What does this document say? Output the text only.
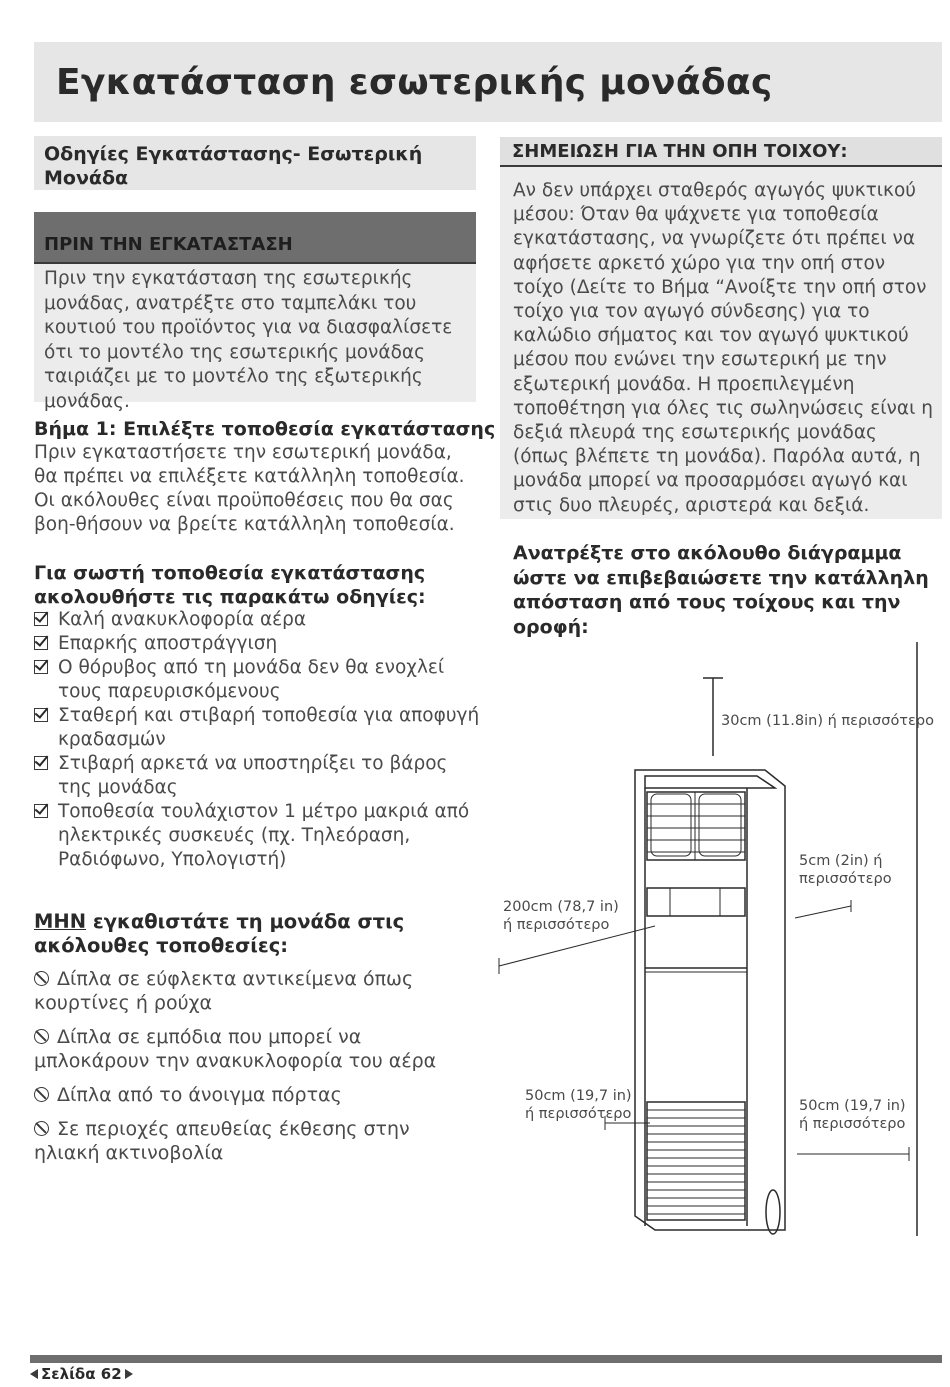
Εγκατάσταση εσωτερικής μονάδας
Οδηγίες Εγκατάστασης- Εσωτερική Μονάδα
ΠΡΙΝ ΤΗΝ ΕΓΚΑΤΑΣΤΑΣΗ
Πριν την εγκατάσταση της εσωτερικής μονάδας, ανατρέξτε στο ταμπελάκι του κουτιού του προϊόντος για να διασφαλίσετε ότι το μοντέλο της εσωτερικής μονάδας ταιριάζει με το μοντέλο της εξωτερικής μονάδας.
Βήμα 1: Επιλέξτε τοποθεσία εγκατάστασης
Πριν εγκαταστήσετε την εσωτερική μονάδα, θα πρέπει να επιλέξετε κατάλληλη τοποθεσία. Οι ακόλουθες είναι προϋποθέσεις που θα σας βοη-θήσουν να βρείτε κατάλληλη τοποθεσία.
Για σωστή τοποθεσία εγκατάστασης ακολουθήστε τις παρακάτω οδηγίες:

Καλή ανακυκλοφορία αέρα

Επαρκής αποστράγγιση

Ο θόρυβος από τη μονάδα δεν θα ενοχλεί τους παρευρισκόμενους

Σταθερή και στιβαρή τοποθεσία για αποφυγή κραδασμών

Στιβαρή αρκετά να υποστηρίξει το βάρος της μονάδας

Τοποθεσία τουλάχιστον 1 μέτρο μακριά από ηλεκτρικές συσκευές (πχ. Τηλεόραση, Ραδιόφωνο, Υπολογιστή)

ΜΗΝ εγκαθιστάτε τη μονάδα στις ακόλουθες τοποθεσίες:

Δίπλα σε εύφλεκτα αντικείμενα όπως κουρτίνες ή ρούχα

Δίπλα σε εμπόδια που μπορεί να μπλοκάρουν την ανακυκλοφορία του αέρα

Δίπλα από το άνοιγμα πόρτας

Σε περιοχές απευθείας έκθεσης στην ηλιακή ακτινοβολία

ΣΗΜΕΙΩΣΗ ΓΙΑ ΤΗΝ ΟΠΗ ΤΟΙΧΟΥ:
Αν δεν υπάρχει σταθερός αγωγός ψυκτικού μέσου: Όταν θα ψάχνετε για τοποθεσία εγκατάστασης, να γνωρίζετε ότι πρέπει να αφήσετε αρκετό χώρο για την οπή στον τοίχο (Δείτε το Βήμα “Ανοίξτε την οπή στον τοίχο για τον αγωγό σύνδεσης) για το καλώδιο σήματος και τον αγωγό ψυκτικού μέσου που ενώνει την εσωτερική με την εξωτερική μονάδα. Η προεπιλεγμένη τοποθέτηση για όλες τις σωληνώσεις είναι η δεξιά πλευρά της εσωτερικής μονάδας (όπως βλέπετε τη μονάδα). Παρόλα αυτά, η μονάδα μπορεί να προσαρμόσει αγωγό και στις δυο πλευρές, αριστερά και δεξιά.
Ανατρέξτε στο ακόλουθο διάγραμμα ώστε να επιβεβαιώσετε την κατάλληλη απόσταση από τους τοίχους και την οροφή:
30cm (11.8in) ή περισσότερο
5cm (2in) ή
περισσότερο
200cm (78,7 in)
ή περισσότερο
50cm (19,7 in)
ή περισσότερο	50cm (19,7 in)
ή περισσότερο
Σελίδα 62
